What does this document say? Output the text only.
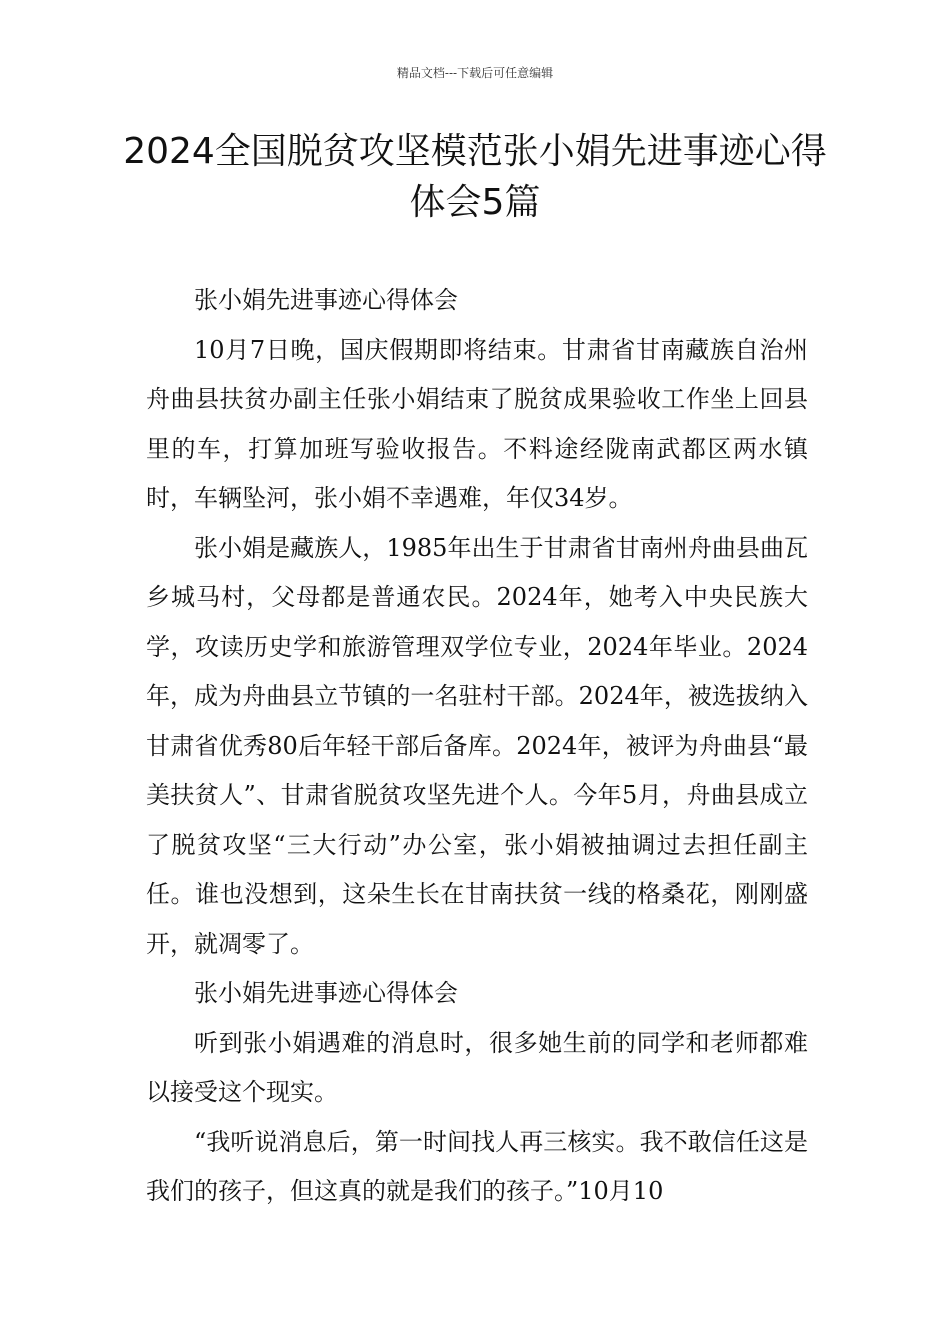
精品文档---下载后可任意编辑
2024全国脱贫攻坚模范张小娟先进事迹心得体会5篇

张小娟先进事迹心得体会

10月7日晚，国庆假期即将结束。甘肃省甘南藏族自治州舟曲县扶贫办副主任张小娟结束了脱贫成果验收工作坐上回县里的车，打算加班写验收报告。不料途经陇南武都区两水镇时，车辆坠河，张小娟不幸遇难，年仅34岁。

张小娟是藏族人，1985年出生于甘肃省甘南州舟曲县曲瓦乡城马村，父母都是普通农民。2024年，她考入中央民族大学，攻读历史学和旅游管理双学位专业，2024年毕业。2024年，成为舟曲县立节镇的一名驻村干部。2024年，被选拔纳入甘肃省优秀80后年轻干部后备库。2024年，被评为舟曲县“最美扶贫人”、甘肃省脱贫攻坚先进个人。今年5月，舟曲县成立了脱贫攻坚“三大行动”办公室，张小娟被抽调过去担任副主任。谁也没想到，这朵生长在甘南扶贫一线的格桑花，刚刚盛开，就凋零了。

张小娟先进事迹心得体会

听到张小娟遇难的消息时，很多她生前的同学和老师都难以接受这个现实。

“我听说消息后，第一时间找人再三核实。我不敢信任这是我们的孩子，但这真的就是我们的孩子。”10月10
